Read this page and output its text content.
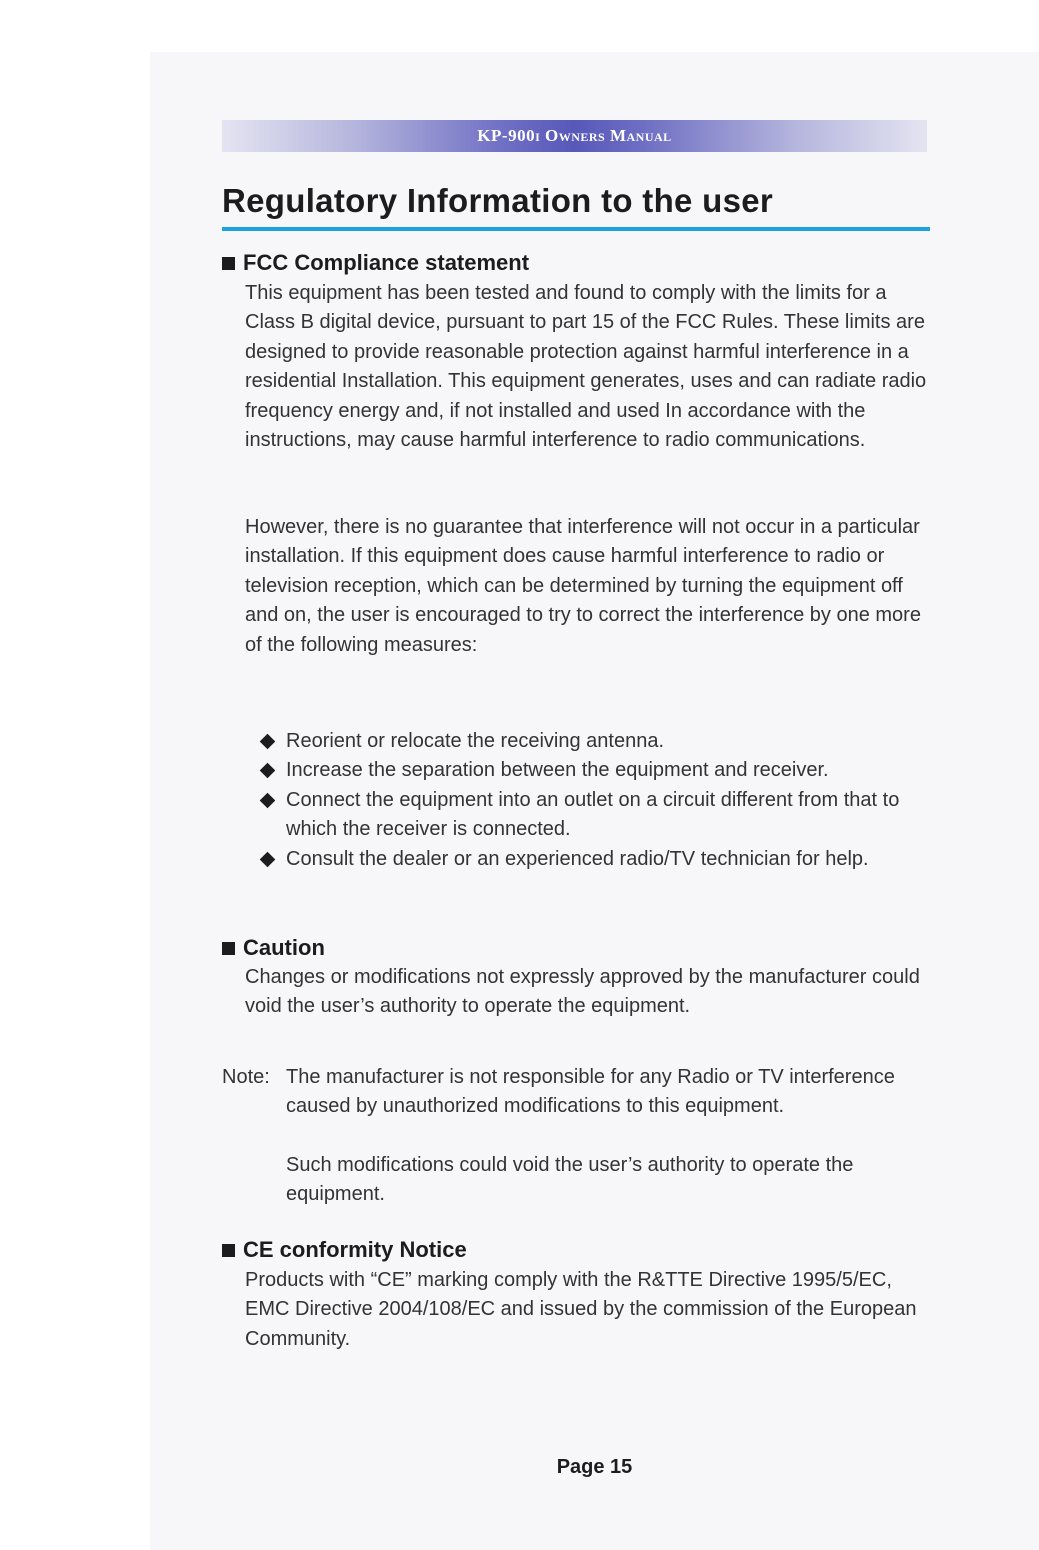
KP-900i Owners Manual
Regulatory Information to the user
FCC Compliance statement

This equipment has been tested and found to comply with the limits for a Class B digital device, pursuant to part 15 of the FCC Rules. These limits are designed to provide reasonable protection against harmful interference in a residential Installation. This equipment generates, uses and can radiate radio frequency energy and, if not installed and used In accordance with the instructions, may cause harmful interference to radio communications.

However, there is no guarantee that interference will not occur in a particular installation. If this equipment does cause harmful interference to radio or television reception, which can be determined by turning the equipment off and on, the user is encouraged to try to correct the interference by one more of the following measures:

Reorient or relocate the receiving antenna.
Increase the separation between the equipment and receiver.
Connect the equipment into an outlet on a circuit different from that to which the receiver is connected.
Consult the dealer or an experienced radio/TV technician for help.
Caution

Changes or modifications not expressly approved by the manufacturer could void the user’s authority to operate the equipment.

Note: The manufacturer is not responsible for any Radio or TV interference caused by unauthorized modifications to this equipment.

Such modifications could void the user’s authority to operate the equipment.

CE conformity Notice

Products with “CE” marking comply with the R&TTE Directive 1995/5/EC, EMC Directive 2004/108/EC and issued by the commission of the European Community.

Page 15
